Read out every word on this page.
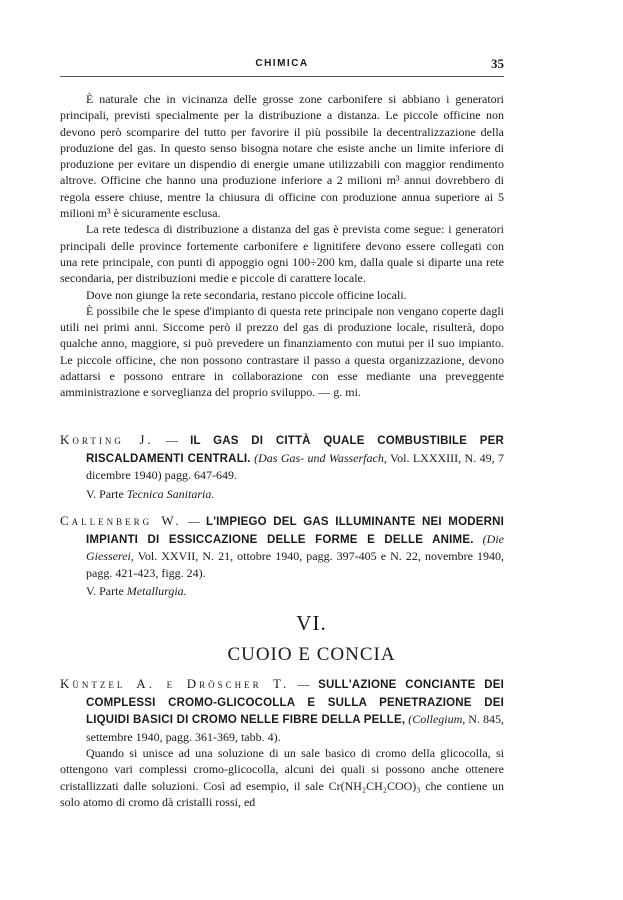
CHIMICA	35

È naturale che in vicinanza delle grosse zone carbonifere si abbiano i generatori principali, previsti specialmente per la distribuzione a distanza. Le piccole officine non devono però scomparire del tutto per favorire il più possibile la decentralizzazione della produzione del gas. In questo senso bisogna notare che esiste anche un limite inferiore di produzione per evitare un dispendio di energie umane utilizzabili con maggior rendimento altrove. Officine che hanno una produzione inferiore a 2 milioni m³ annui dovrebbero di regola essere chiuse, mentre la chiusura di officine con produzione annua superiore ai 5 milioni m³ è sicuramente esclusa.

La rete tedesca di distribuzione a distanza del gas è prevista come segue: i generatori principali delle province fortemente carbonifere e lignitifere devono essere collegati con una rete principale, con punti di appoggio ogni 100÷200 km, dalla quale si diparte una rete secondaria, per distribuzioni medie e piccole di carattere locale.

Dove non giunge la rete secondaria, restano piccole officine locali.

È possibile che le spese d'impianto di questa rete principale non vengano coperte dagli utili nei primi anni. Siccome però il prezzo del gas di produzione locale, risulterà, dopo qualche anno, maggiore, si può prevedere un finanziamento con mutui per il suo impianto. Le piccole officine, che non possono contrastare il passo a questa organizzazione, devono adattarsi e possono entrare in collaborazione con esse mediante una preveggente amministrazione e sorveglianza del proprio sviluppo. — g. mi.

Korting J. — IL GAS DI CITTÀ QUALE COMBUSTIBILE PER RISCALDAMENTI CENTRALI. (Das Gas- und Wasserfach, Vol. LXXXIII, N. 49, 7 dicembre 1940) pagg. 647-649.
V. Parte Tecnica Sanitaria.
Callenberg W. — L'IMPIEGO DEL GAS ILLUMINANTE NEI MODERNI IMPIANTI DI ESSICCAZIONE DELLE FORME E DELLE ANIME. (Die Giesserei, Vol. XXVII, N. 21, ottobre 1940, pagg. 397-405 e N. 22, novembre 1940, pagg. 421-423, figg. 24).
V. Parte Metallurgia.
VI.
CUOIO E CONCIA
Küntzel A. e Dröscher T. — SULL'AZIONE CONCIANTE DEI COMPLESSI CROMO-GLICOCOLLA E SULLA PENETRAZIONE DEI LIQUIDI BASICI DI CROMO NELLE FIBRE DELLA PELLE, (Collegium, N. 845, settembre 1940, pagg. 361-369, tabb. 4).

Quando si unisce ad una soluzione di un sale basico di cromo della glicocolla, si ottengono vari complessi cromo-glicocolla, alcuni dei quali si possono anche ottenere cristallizzati dalle soluzioni. Così ad esempio, il sale Cr(NH₂CH₂COO)₃ che contiene un solo atomo di cromo dà cristalli rossi, ed
